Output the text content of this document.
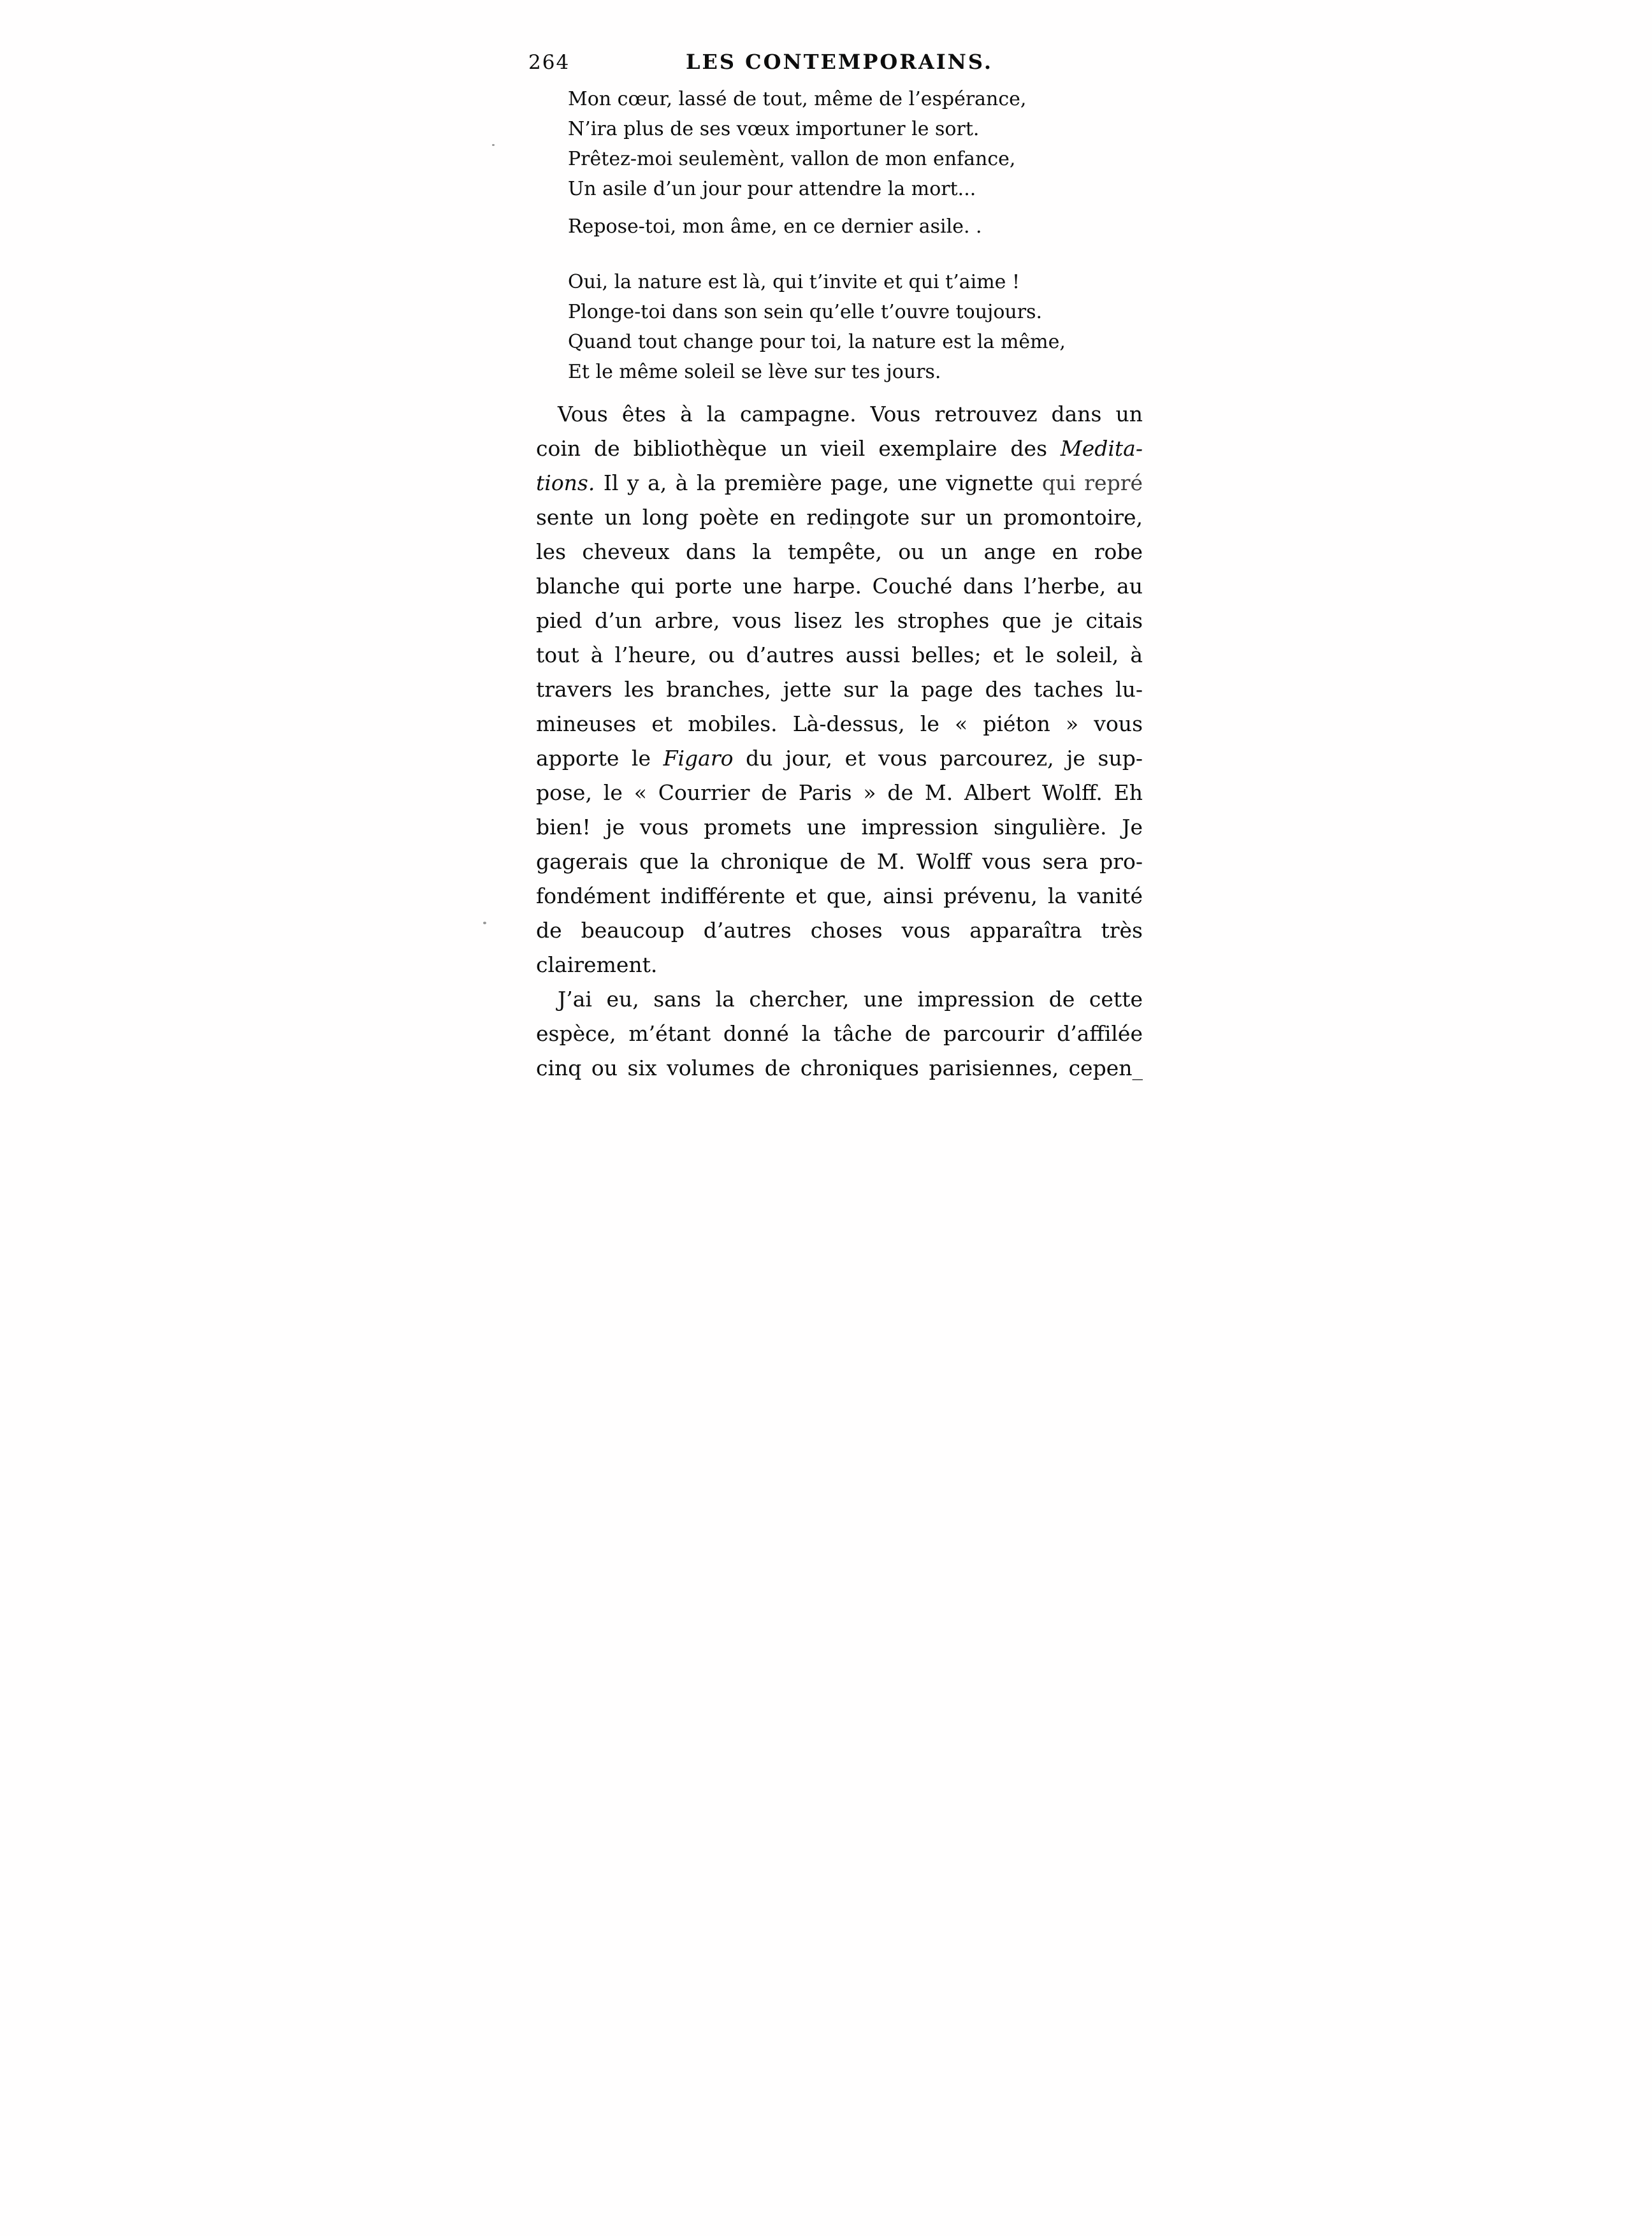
264	LES CONTEMPORAINS.
Mon cœur, lassé de tout, même de l’espérance,
N’ira plus de ses vœux importuner le sort.
Prêtez-moi seulemènt, vallon de mon enfance,
Un asile d’un jour pour attendre la mort...
Repose-toi, mon âme, en ce dernier asile. .
Oui, la nature est là, qui t’invite et qui t’aime !
Plonge-toi dans son sein qu’elle t’ouvre toujours.
Quand tout change pour toi, la nature est la même,
Et le même soleil se lève sur tes jours.
Vous êtes à la campagne. Vous retrouvez dans un
coin de bibliothèque un vieil exemplaire des Medita-
tions. Il y a, à la première page, une vignette qui repré
sente un long poète en redingote sur un promontoire,
les cheveux dans la tempête, ou un ange en robe
blanche qui porte une harpe. Couché dans l’herbe, au
pied d’un arbre, vous lisez les strophes que je citais
tout à l’heure, ou d’autres aussi belles; et le soleil, à
travers les branches, jette sur la page des taches lu-
mineuses et mobiles. Là-dessus, le « piéton » vous
apporte le Figaro du jour, et vous parcourez, je sup-
pose, le « Courrier de Paris » de M. Albert Wolff. Eh
bien! je vous promets une impression singulière. Je
gagerais que la chronique de M. Wolff vous sera pro-
fondément indifférente et que, ainsi prévenu, la vanité
de beaucoup d’autres choses vous apparaîtra très
clairement.
J’ai eu, sans la chercher, une impression de cette
espèce, m’étant donné la tâche de parcourir d’affilée
cinq ou six volumes de chroniques parisiennes, cepen_
